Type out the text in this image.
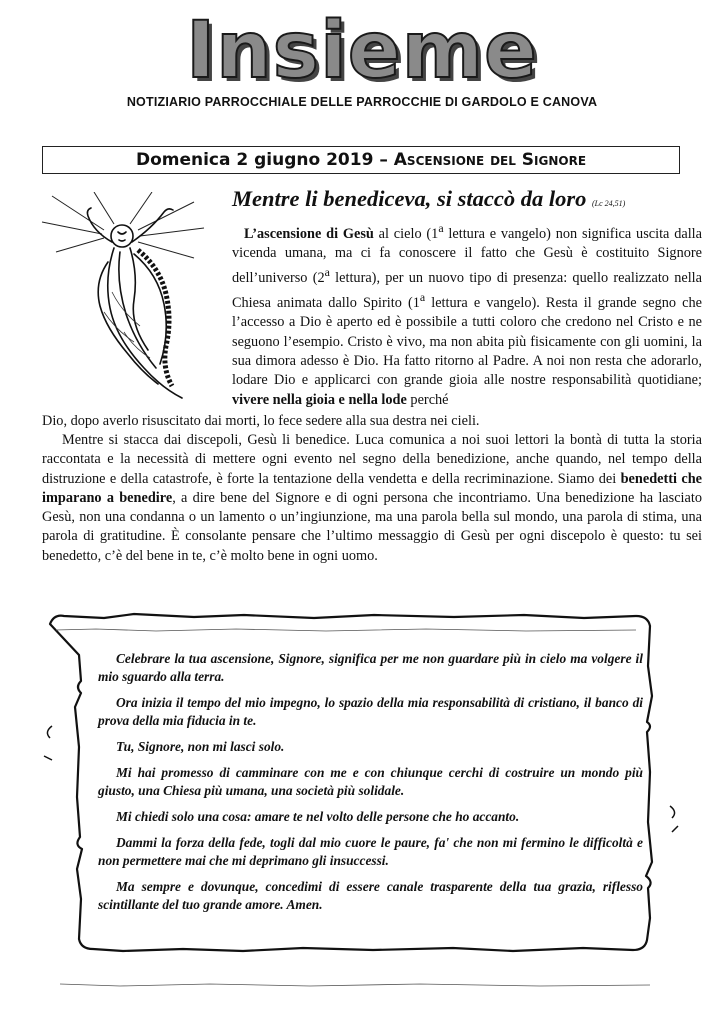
Insieme
NOTIZIARIO PARROCCHIALE DELLE PARROCCHIE DI GARDOLO E CANOVA
Domenica 2 giugno 2019 – Ascensione del Signore
Mentre li benediceva, si staccò da loro (Lc 24,51)
L’ascensione di Gesù al cielo (1$^a$ lettura e vangelo) non significa uscita dalla vicenda umana, ma ci fa conoscere il fatto che Gesù è costituito Signore dell’universo (2$^a$ lettura), per un nuovo tipo di presenza: quello realizzato nella Chiesa animata dallo Spirito (1$^a$ lettura e vangelo). Resta il grande segno che l’accesso a Dio è aperto ed è possibile a tutti coloro che credono nel Cristo e ne seguono l’esempio. Cristo è vivo, ma non abita più fisicamente con gli uomini, la sua dimora adesso è Dio. Ha fatto ritorno al Padre. A noi non resta che adorarlo, lodare Dio e applicarci con grande gioia alle nostre responsabilità quotidiane; vivere nella gioia e nella lode perché
Dio, dopo averlo risuscitato dai morti, lo fece sedere alla sua destra nei cieli.
Mentre si stacca dai discepoli, Gesù li benedice. Luca comunica a noi suoi lettori la bontà di tutta la storia raccontata e la necessità di mettere ogni evento nel segno della benedizione, anche quando, nel tempo della distruzione e della catastrofe, è forte la tentazione della vendetta e della recriminazione. Siamo dei benedetti che imparano a benedire, a dire bene del Signore e di ogni persona che incontriamo. Una benedizione ha lasciato Gesù, non una condanna o un lamento o un’ingiunzione, ma una parola bella sul mondo, una parola di stima, una parola di gratitudine. È consolante pensare che l’ultimo messaggio di Gesù per ogni discepolo è questo: tu sei benedetto, c’è del bene in te, c’è molto bene in ogni uomo.

Celebrare la tua ascensione, Signore, significa per me non guardare più in cielo ma volgere il mio sguardo alla terra.

Ora inizia il tempo del mio impegno, lo spazio della mia responsabilità di cristiano, il banco di prova della mia fiducia in te.

Tu, Signore, non mi lasci solo.

Mi hai promesso di camminare con me e con chiunque cerchi di costruire un mondo più giusto, una Chiesa più umana, una società più solidale.

Mi chiedi solo una cosa: amare te nel volto delle persone che ho accanto.

Dammi la forza della fede, togli dal mio cuore le paure, fa' che non mi fermino le difficoltà e non permettere mai che mi deprimano gli insuccessi.

Ma sempre e dovunque, concedimi di essere canale trasparente della tua grazia, riflesso scintillante del tuo grande amore. Amen.
